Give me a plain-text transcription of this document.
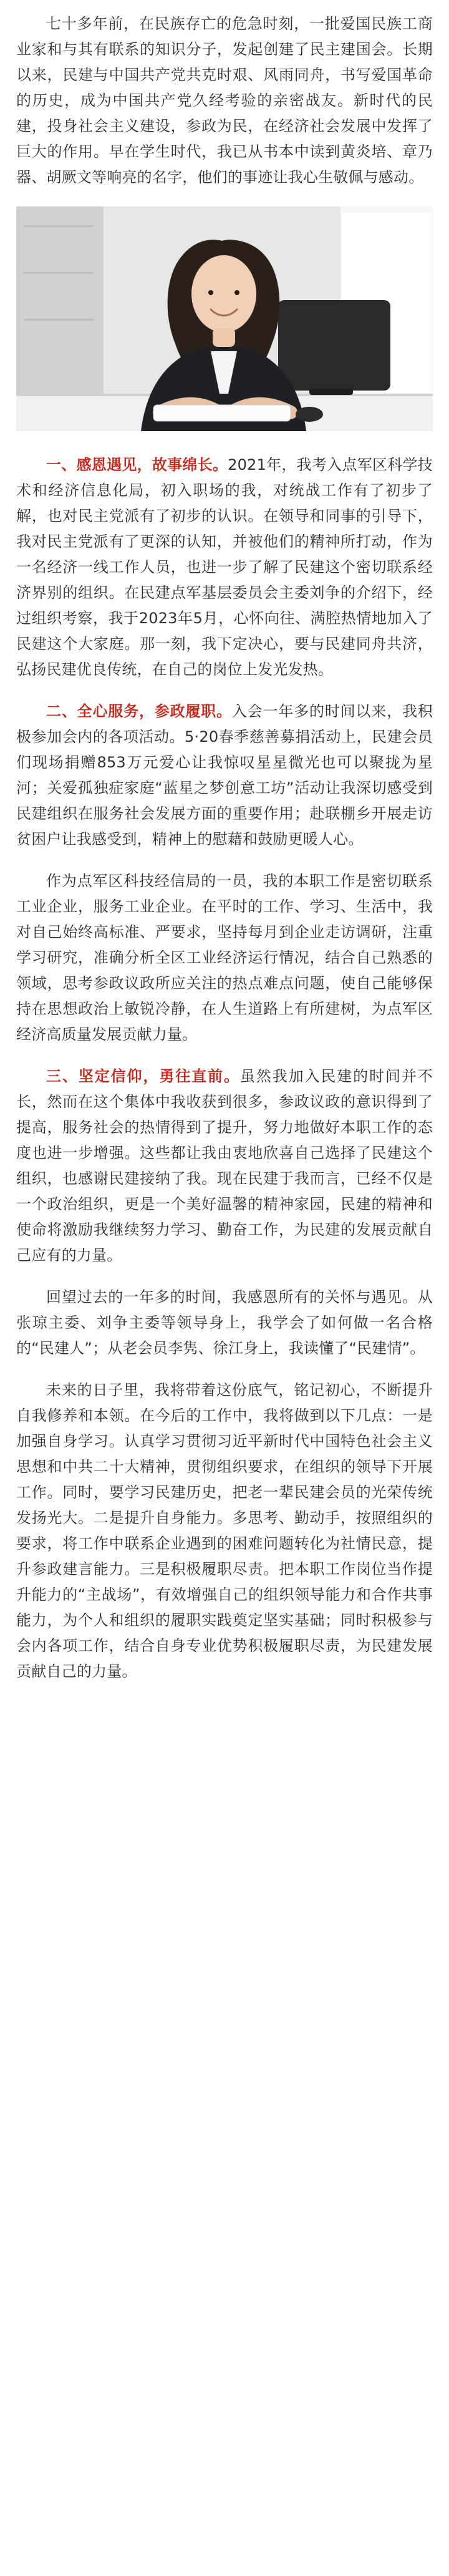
七十多年前，在民族存亡的危急时刻，一批爱国民族工商业家和与其有联系的知识分子，发起创建了民主建国会。长期以来，民建与中国共产党共克时艰、风雨同舟，书写爱国革命的历史，成为中国共产党久经考验的亲密战友。新时代的民建，投身社会主义建设，参政为民，在经济社会发展中发挥了巨大的作用。早在学生时代，我已从书本中读到黄炎培、章乃器、胡厥文等响亮的名字，他们的事迹让我心生敬佩与感动。

一、感恩遇见，故事绵长。2021年，我考入点军区科学技术和经济信息化局，初入职场的我，对统战工作有了初步了解，也对民主党派有了初步的认识。在领导和同事的引导下，我对民主党派有了更深的认知，并被他们的精神所打动，作为一名经济一线工作人员，也进一步了解了民建这个密切联系经济界别的组织。在民建点军基层委员会主委刘争的介绍下，经过组织考察，我于2023年5月，心怀向往、满腔热情地加入了民建这个大家庭。那一刻，我下定决心，要与民建同舟共济，弘扬民建优良传统，在自己的岗位上发光发热。

二、全心服务，参政履职。入会一年多的时间以来，我积极参加会内的各项活动。5·20春季慈善募捐活动上，民建会员们现场捐赠853万元爱心让我惊叹星星微光也可以聚拢为星河；关爱孤独症家庭“蓝星之梦创意工坊”活动让我深切感受到民建组织在服务社会发展方面的重要作用；赴联棚乡开展走访贫困户让我感受到，精神上的慰藉和鼓励更暖人心。

作为点军区科技经信局的一员，我的本职工作是密切联系工业企业，服务工业企业。在平时的工作、学习、生活中，我对自己始终高标准、严要求，坚持每月到企业走访调研，注重学习研究，准确分析全区工业经济运行情况，结合自己熟悉的领域，思考参政议政所应关注的热点难点问题，使自己能够保持在思想政治上敏锐冷静，在人生道路上有所建树，为点军区经济高质量发展贡献力量。

三、坚定信仰，勇往直前。虽然我加入民建的时间并不长，然而在这个集体中我收获到很多，参政议政的意识得到了提高，服务社会的热情得到了提升，努力地做好本职工作的态度也进一步增强。这些都让我由衷地欣喜自己选择了民建这个组织，也感谢民建接纳了我。现在民建于我而言，已经不仅是一个政治组织，更是一个美好温馨的精神家园，民建的精神和使命将激励我继续努力学习、勤奋工作，为民建的发展贡献自己应有的力量。

回望过去的一年多的时间，我感恩所有的关怀与遇见。从张琼主委、刘争主委等领导身上，我学会了如何做一名合格的“民建人”；从老会员李隽、徐江身上，我读懂了“民建情”。

未来的日子里，我将带着这份底气，铭记初心，不断提升自我修养和本领。在今后的工作中，我将做到以下几点：一是加强自身学习。认真学习贯彻习近平新时代中国特色社会主义思想和中共二十大精神，贯彻组织要求，在组织的领导下开展工作。同时，要学习民建历史，把老一辈民建会员的光荣传统发扬光大。二是提升自身能力。多思考、勤动手，按照组织的要求，将工作中联系企业遇到的困难问题转化为社情民意，提升参政建言能力。三是积极履职尽责。把本职工作岗位当作提升能力的“主战场”，有效增强自己的组织领导能力和合作共事能力，为个人和组织的履职实践奠定坚实基础；同时积极参与会内各项工作，结合自身专业优势积极履职尽责，为民建发展贡献自己的力量。
